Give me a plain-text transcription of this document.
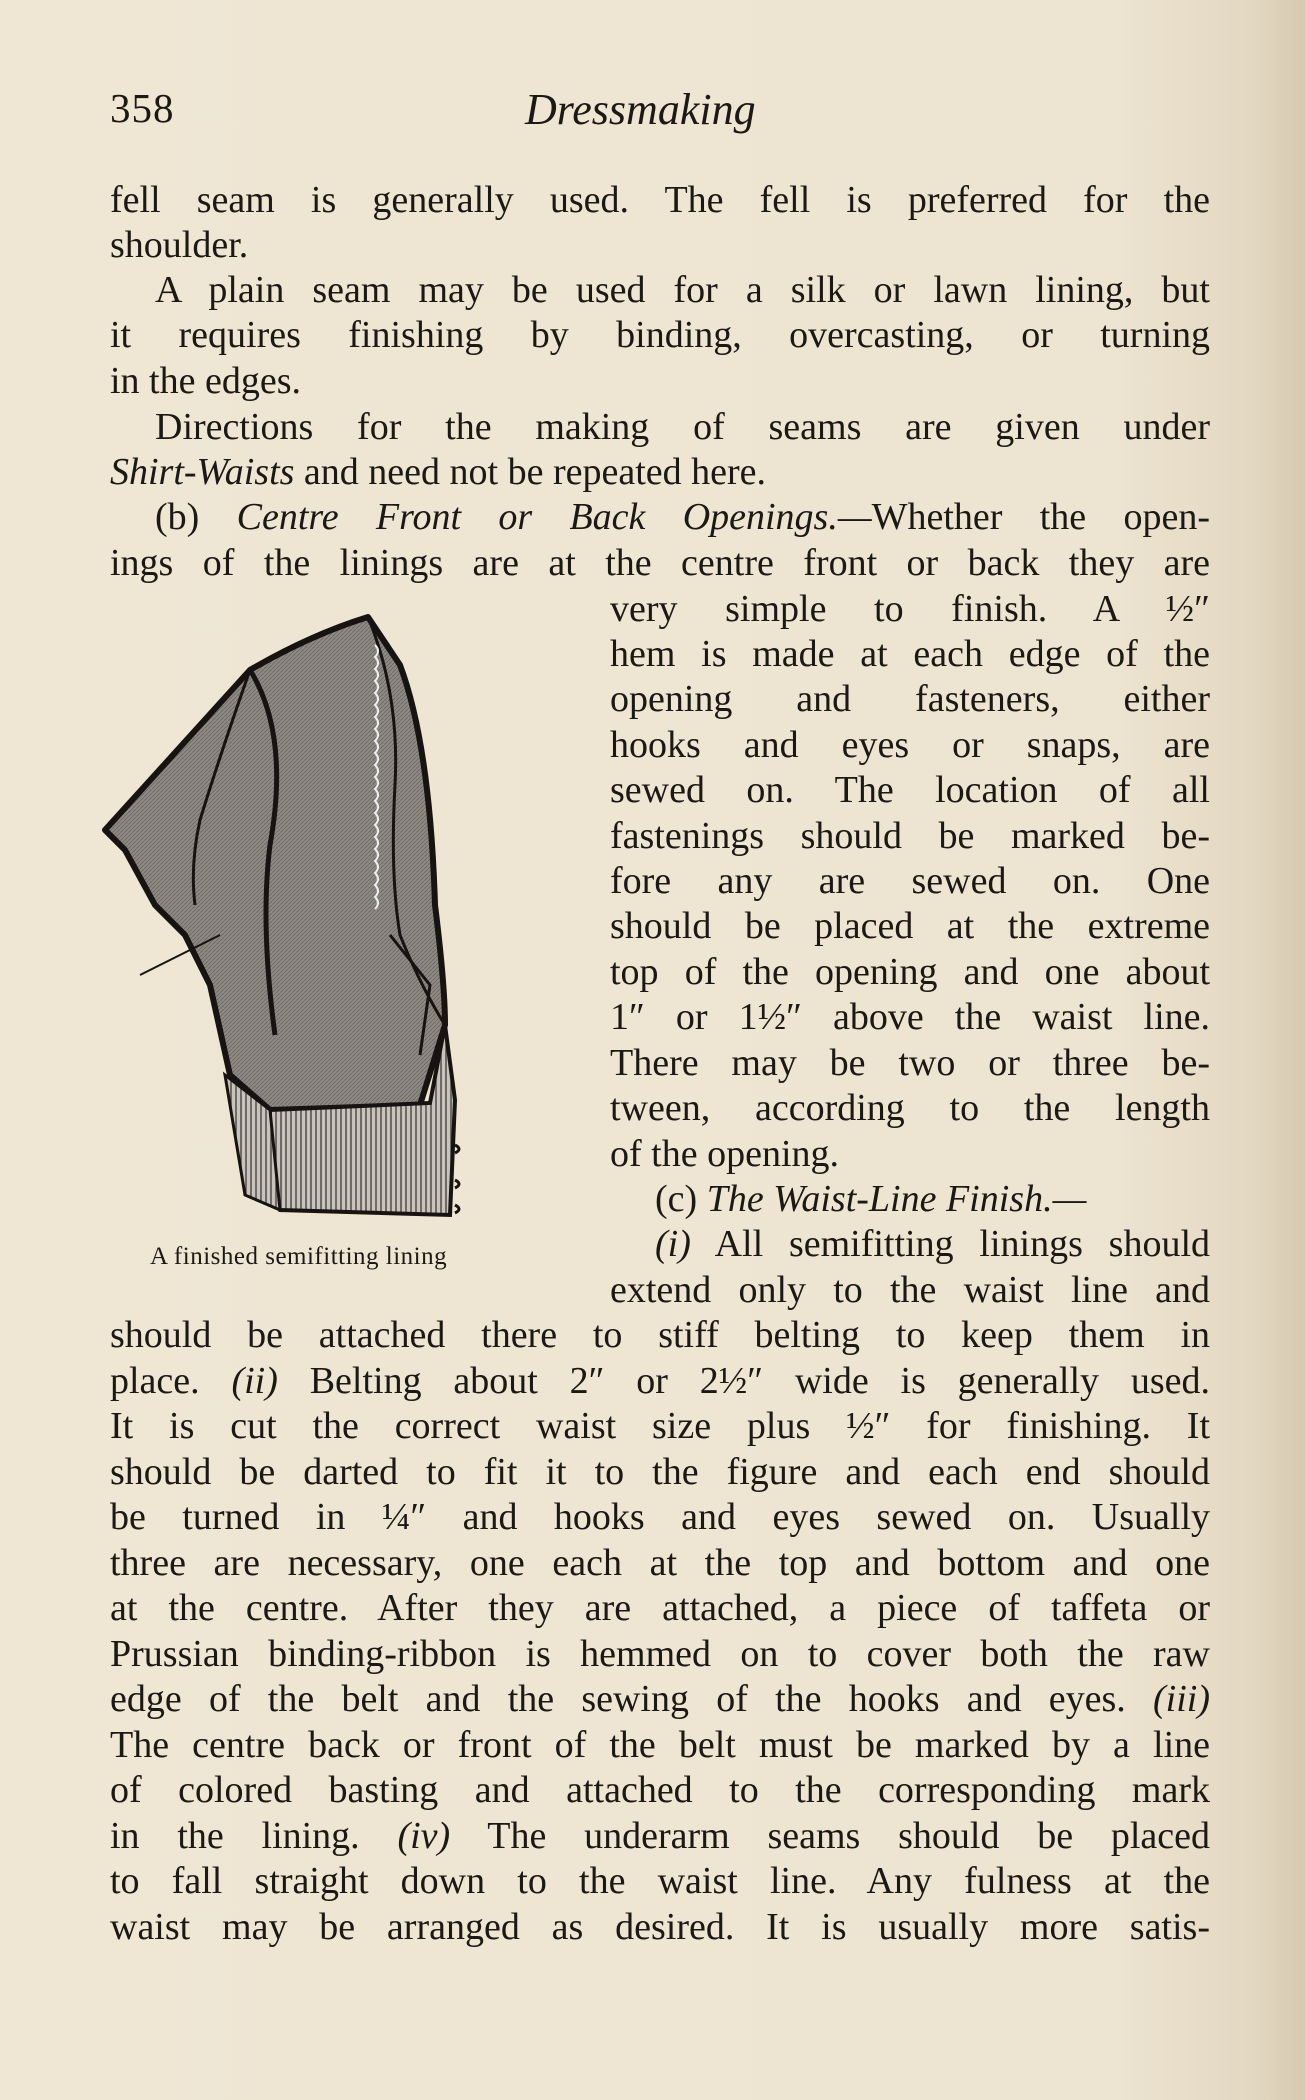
358	Dressmaking
fell seam is generally used. The fell is preferred for the
shoulder.
A plain seam may be used for a silk or lawn lining, but
it requires finishing by binding, overcasting, or turning
in the edges.
Directions for the making of seams are given under
Shirt-Waists and need not be repeated here.
(b) Centre Front or Back Openings.—Whether the open-
ings of the linings are at the centre front or back they are
A finished semifitting lining
very simple to finish. A ½″
hem is made at each edge of the
opening and fasteners, either
hooks and eyes or snaps, are
sewed on. The location of all
fastenings should be marked be-
fore any are sewed on. One
should be placed at the extreme
top of the opening and one about
1″ or 1½″ above the waist line.
There may be two or three be-
tween, according to the length
of the opening.
(c) The Waist-Line Finish.—
(i) All semifitting linings should
extend only to the waist line and
should be attached there to stiff belting to keep them in
place. (ii) Belting about 2″ or 2½″ wide is generally used.
It is cut the correct waist size plus ½″ for finishing. It
should be darted to fit it to the figure and each end should
be turned in ¼″ and hooks and eyes sewed on. Usually
three are necessary, one each at the top and bottom and one
at the centre. After they are attached, a piece of taffeta or
Prussian binding-ribbon is hemmed on to cover both the raw
edge of the belt and the sewing of the hooks and eyes. (iii)
The centre back or front of the belt must be marked by a line
of colored basting and attached to the corresponding mark
in the lining. (iv) The underarm seams should be placed
to fall straight down to the waist line. Any fulness at the
waist may be arranged as desired. It is usually more satis-
